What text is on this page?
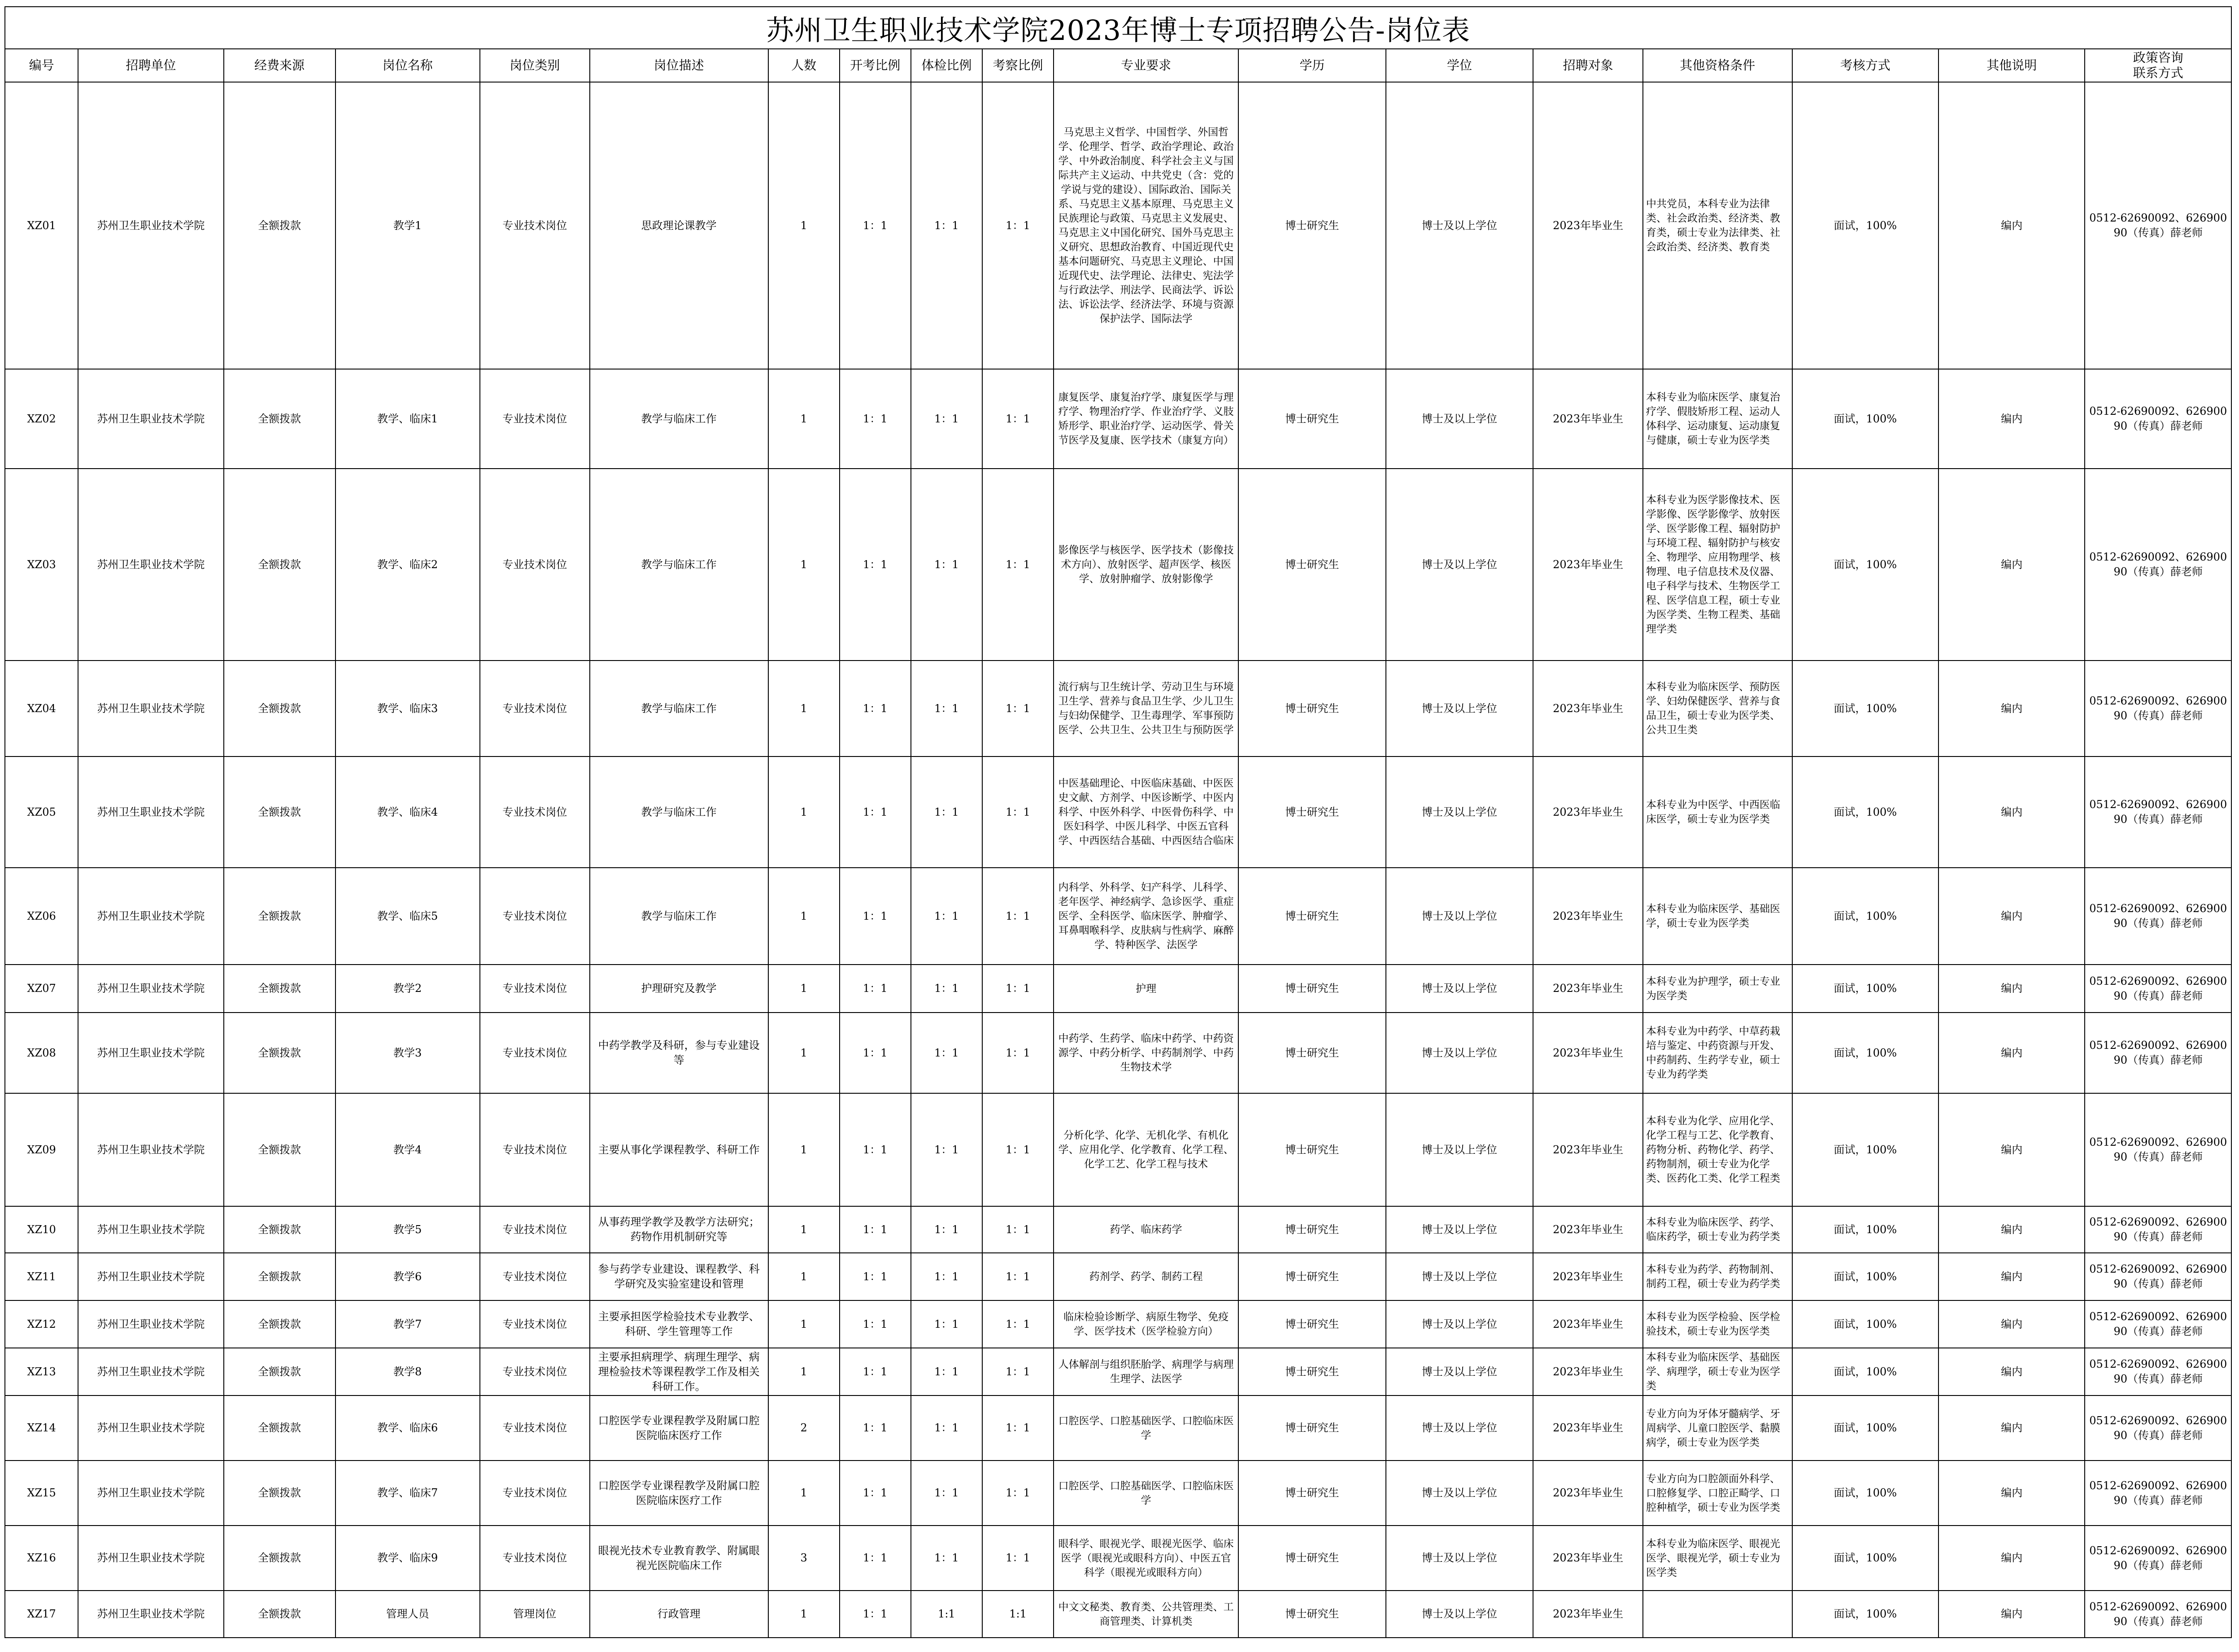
苏州卫生职业技术学院2023年博士专项招聘公告-岗位表
编号	招聘单位	经费来源	岗位名称	岗位类别	岗位描述	人数	开考比例	体检比例	考察比例	专业要求	学历	学位	招聘对象	其他资格条件	考核方式	其他说明	政策咨询
联系方式
XZ01	苏州卫生职业技术学院	全额拨款	教学1	专业技术岗位	思政理论课教学	1	1：1	1：1	1：1	马克思主义哲学、中国哲学、外国哲学、伦理学、哲学、政治学理论、政治学、中外政治制度、科学社会主义与国际共产主义运动、中共党史（含：党的学说与党的建设）、国际政治、国际关系、马克思主义基本原理、马克思主义民族理论与政策、马克思主义发展史、马克思主义中国化研究、国外马克思主义研究、思想政治教育、中国近现代史基本问题研究、马克思主义理论、中国近现代史、法学理论、法律史、宪法学与行政法学、刑法学、民商法学、诉讼法、诉讼法学、经济法学、环境与资源保护法学、国际法学	博士研究生	博士及以上学位	2023年毕业生	中共党员，本科专业为法律类、社会政治类、经济类、教育类，硕士专业为法律类、社会政治类、经济类、教育类	面试，100%	编内	0512-62690092、62690090（传真）薛老师
XZ02	苏州卫生职业技术学院	全额拨款	教学、临床1	专业技术岗位	教学与临床工作	1	1：1	1：1	1：1	康复医学、康复治疗学、康复医学与理疗学、物理治疗学、作业治疗学、义肢矫形学、职业治疗学、运动医学、骨关节医学及复康、医学技术（康复方向）	博士研究生	博士及以上学位	2023年毕业生	本科专业为临床医学、康复治疗学、假肢矫形工程、运动人体科学、运动康复、运动康复与健康，硕士专业为医学类	面试，100%	编内	0512-62690092、62690090（传真）薛老师
XZ03	苏州卫生职业技术学院	全额拨款	教学、临床2	专业技术岗位	教学与临床工作	1	1：1	1：1	1：1	影像医学与核医学、医学技术（影像技术方向）、放射医学、超声医学、核医学、放射肿瘤学、放射影像学	博士研究生	博士及以上学位	2023年毕业生	本科专业为医学影像技术、医学影像、医学影像学、放射医学、医学影像工程、辐射防护与环境工程、辐射防护与核安全、物理学、应用物理学、核物理、电子信息技术及仪器、电子科学与技术、生物医学工程、医学信息工程，硕士专业为医学类、生物工程类、基础理学类	面试，100%	编内	0512-62690092、62690090（传真）薛老师
XZ04	苏州卫生职业技术学院	全额拨款	教学、临床3	专业技术岗位	教学与临床工作	1	1：1	1：1	1：1	流行病与卫生统计学、劳动卫生与环境卫生学、营养与食品卫生学、少儿卫生与妇幼保健学、卫生毒理学、军事预防医学、公共卫生、公共卫生与预防医学	博士研究生	博士及以上学位	2023年毕业生	本科专业为临床医学、预防医学、妇幼保健医学、营养与食品卫生，硕士专业为医学类、公共卫生类	面试，100%	编内	0512-62690092、62690090（传真）薛老师
XZ05	苏州卫生职业技术学院	全额拨款	教学、临床4	专业技术岗位	教学与临床工作	1	1：1	1：1	1：1	中医基础理论、中医临床基础、中医医史文献、方剂学、中医诊断学、中医内科学、中医外科学、中医骨伤科学、中医妇科学、中医儿科学、中医五官科学、中西医结合基础、中西医结合临床	博士研究生	博士及以上学位	2023年毕业生	本科专业为中医学、中西医临床医学，硕士专业为医学类	面试，100%	编内	0512-62690092、62690090（传真）薛老师
XZ06	苏州卫生职业技术学院	全额拨款	教学、临床5	专业技术岗位	教学与临床工作	1	1：1	1：1	1：1	内科学、外科学、妇产科学、儿科学、老年医学、神经病学、急诊医学、重症医学、全科医学、临床医学、肿瘤学、耳鼻咽喉科学、皮肤病与性病学、麻醉学、特种医学、法医学	博士研究生	博士及以上学位	2023年毕业生	本科专业为临床医学、基础医学，硕士专业为医学类	面试，100%	编内	0512-62690092、62690090（传真）薛老师
XZ07	苏州卫生职业技术学院	全额拨款	教学2	专业技术岗位	护理研究及教学	1	1：1	1：1	1：1	护理	博士研究生	博士及以上学位	2023年毕业生	本科专业为护理学，硕士专业为医学类	面试，100%	编内	0512-62690092、62690090（传真）薛老师
XZ08	苏州卫生职业技术学院	全额拨款	教学3	专业技术岗位	中药学教学及科研，参与专业建设等	1	1：1	1：1	1：1	中药学、生药学、临床中药学、中药资源学、中药分析学、中药制剂学、中药生物技术学	博士研究生	博士及以上学位	2023年毕业生	本科专业为中药学、中草药栽培与鉴定、中药资源与开发、中药制药、生药学专业，硕士专业为药学类	面试，100%	编内	0512-62690092、62690090（传真）薛老师
XZ09	苏州卫生职业技术学院	全额拨款	教学4	专业技术岗位	主要从事化学课程教学、科研工作	1	1：1	1：1	1：1	分析化学、化学、无机化学、有机化学、应用化学、化学教育、化学工程、化学工艺、化学工程与技术	博士研究生	博士及以上学位	2023年毕业生	本科专业为化学、应用化学、化学工程与工艺、化学教育、药物分析、药物化学、药学、药物制剂，硕士专业为化学类、医药化工类、化学工程类	面试，100%	编内	0512-62690092、62690090（传真）薛老师
XZ10	苏州卫生职业技术学院	全额拨款	教学5	专业技术岗位	从事药理学教学及教学方法研究；药物作用机制研究等	1	1：1	1：1	1：1	药学、临床药学	博士研究生	博士及以上学位	2023年毕业生	本科专业为临床医学、药学、临床药学，硕士专业为药学类	面试，100%	编内	0512-62690092、62690090（传真）薛老师
XZ11	苏州卫生职业技术学院	全额拨款	教学6	专业技术岗位	参与药学专业建设、课程教学、科学研究及实验室建设和管理	1	1：1	1：1	1：1	药剂学、药学、制药工程	博士研究生	博士及以上学位	2023年毕业生	本科专业为药学、药物制剂、制药工程，硕士专业为药学类	面试，100%	编内	0512-62690092、62690090（传真）薛老师
XZ12	苏州卫生职业技术学院	全额拨款	教学7	专业技术岗位	主要承担医学检验技术专业教学、科研、学生管理等工作	1	1：1	1：1	1：1	临床检验诊断学、病原生物学、免疫学、医学技术（医学检验方向）	博士研究生	博士及以上学位	2023年毕业生	本科专业为医学检验、医学检验技术，硕士专业为医学类	面试，100%	编内	0512-62690092、62690090（传真）薛老师
XZ13	苏州卫生职业技术学院	全额拨款	教学8	专业技术岗位	主要承担病理学、病理生理学、病理检验技术等课程教学工作及相关科研工作。	1	1：1	1：1	1：1	人体解剖与组织胚胎学、病理学与病理生理学、法医学	博士研究生	博士及以上学位	2023年毕业生	本科专业为临床医学、基础医学、病理学，硕士专业为医学类	面试，100%	编内	0512-62690092、62690090（传真）薛老师
XZ14	苏州卫生职业技术学院	全额拨款	教学、临床6	专业技术岗位	口腔医学专业课程教学及附属口腔医院临床医疗工作	2	1：1	1：1	1：1	口腔医学、口腔基础医学、口腔临床医学	博士研究生	博士及以上学位	2023年毕业生	专业方向为牙体牙髓病学、牙周病学、儿童口腔医学、黏膜病学，硕士专业为医学类	面试，100%	编内	0512-62690092、62690090（传真）薛老师
XZ15	苏州卫生职业技术学院	全额拨款	教学、临床7	专业技术岗位	口腔医学专业课程教学及附属口腔医院临床医疗工作	1	1：1	1：1	1：1	口腔医学、口腔基础医学、口腔临床医学	博士研究生	博士及以上学位	2023年毕业生	专业方向为口腔颌面外科学、口腔修复学、口腔正畸学、口腔种植学，硕士专业为医学类	面试，100%	编内	0512-62690092、62690090（传真）薛老师
XZ16	苏州卫生职业技术学院	全额拨款	教学、临床9	专业技术岗位	眼视光技术专业教育教学、附属眼视光医院临床工作	3	1：1	1：1	1：1	眼科学、眼视光学、眼视光医学、临床医学（眼视光或眼科方向）、中医五官科学（眼视光或眼科方向）	博士研究生	博士及以上学位	2023年毕业生	本科专业为临床医学、眼视光医学、眼视光学，硕士专业为医学类	面试，100%	编内	0512-62690092、62690090（传真）薛老师
XZ17	苏州卫生职业技术学院	全额拨款	管理人员	管理岗位	行政管理	1	1：1	1:1	1:1	中文文秘类、教育类、公共管理类、工商管理类、计算机类	博士研究生	博士及以上学位	2023年毕业生		面试，100%	编内	0512-62690092、62690090（传真）薛老师
